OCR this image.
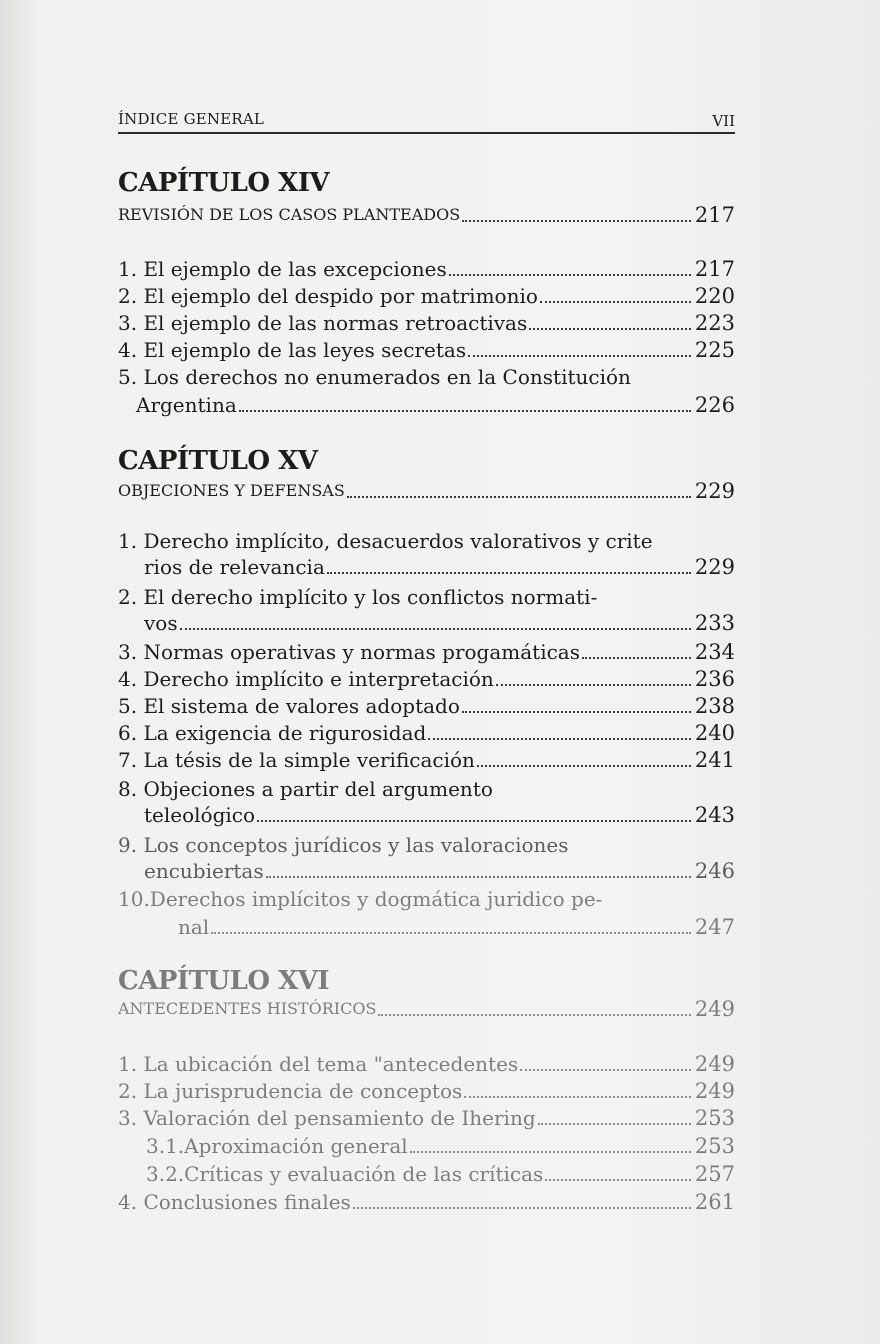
ÍNDICE GENERAL	VII
CAPÍTULO XIV
REVISIÓN DE LOS CASOS PLANTEADOS	217
1. El ejemplo de las excepciones	217
2. El ejemplo del despido por matrimonio	220
3. El ejemplo de las normas retroactivas	223
4. El ejemplo de las leyes secretas	225
5. Los derechos no enumerados en la Constitución
Argentina	226
CAPÍTULO XV
OBJECIONES Y DEFENSAS	229
1. Derecho implícito, desacuerdos valorativos y crite
rios de relevancia	229
2. El derecho implícito y los conflictos normati-
vos	233
3. Normas operativas y normas progamáticas	234
4. Derecho implícito e interpretación	236
5. El sistema de valores adoptado	238
6. La exigencia de rigurosidad	240
7. La tésis de la simple verificación	241
8. Objeciones a partir del argumento
teleológico	243
9. Los conceptos jurídicos y las valoraciones
encubiertas	246
10.Derechos implícitos y dogmática juridico pe-
nal	247
CAPÍTULO XVI
ANTECEDENTES HISTÓRICOS	249
1. La ubicación del tema "antecedentes	249
2. La jurisprudencia de conceptos	249
3. Valoración del pensamiento de Ihering	253
3.1.Aproximación general	253
3.2.Críticas y evaluación de las críticas	257
4. Conclusiones finales	261
